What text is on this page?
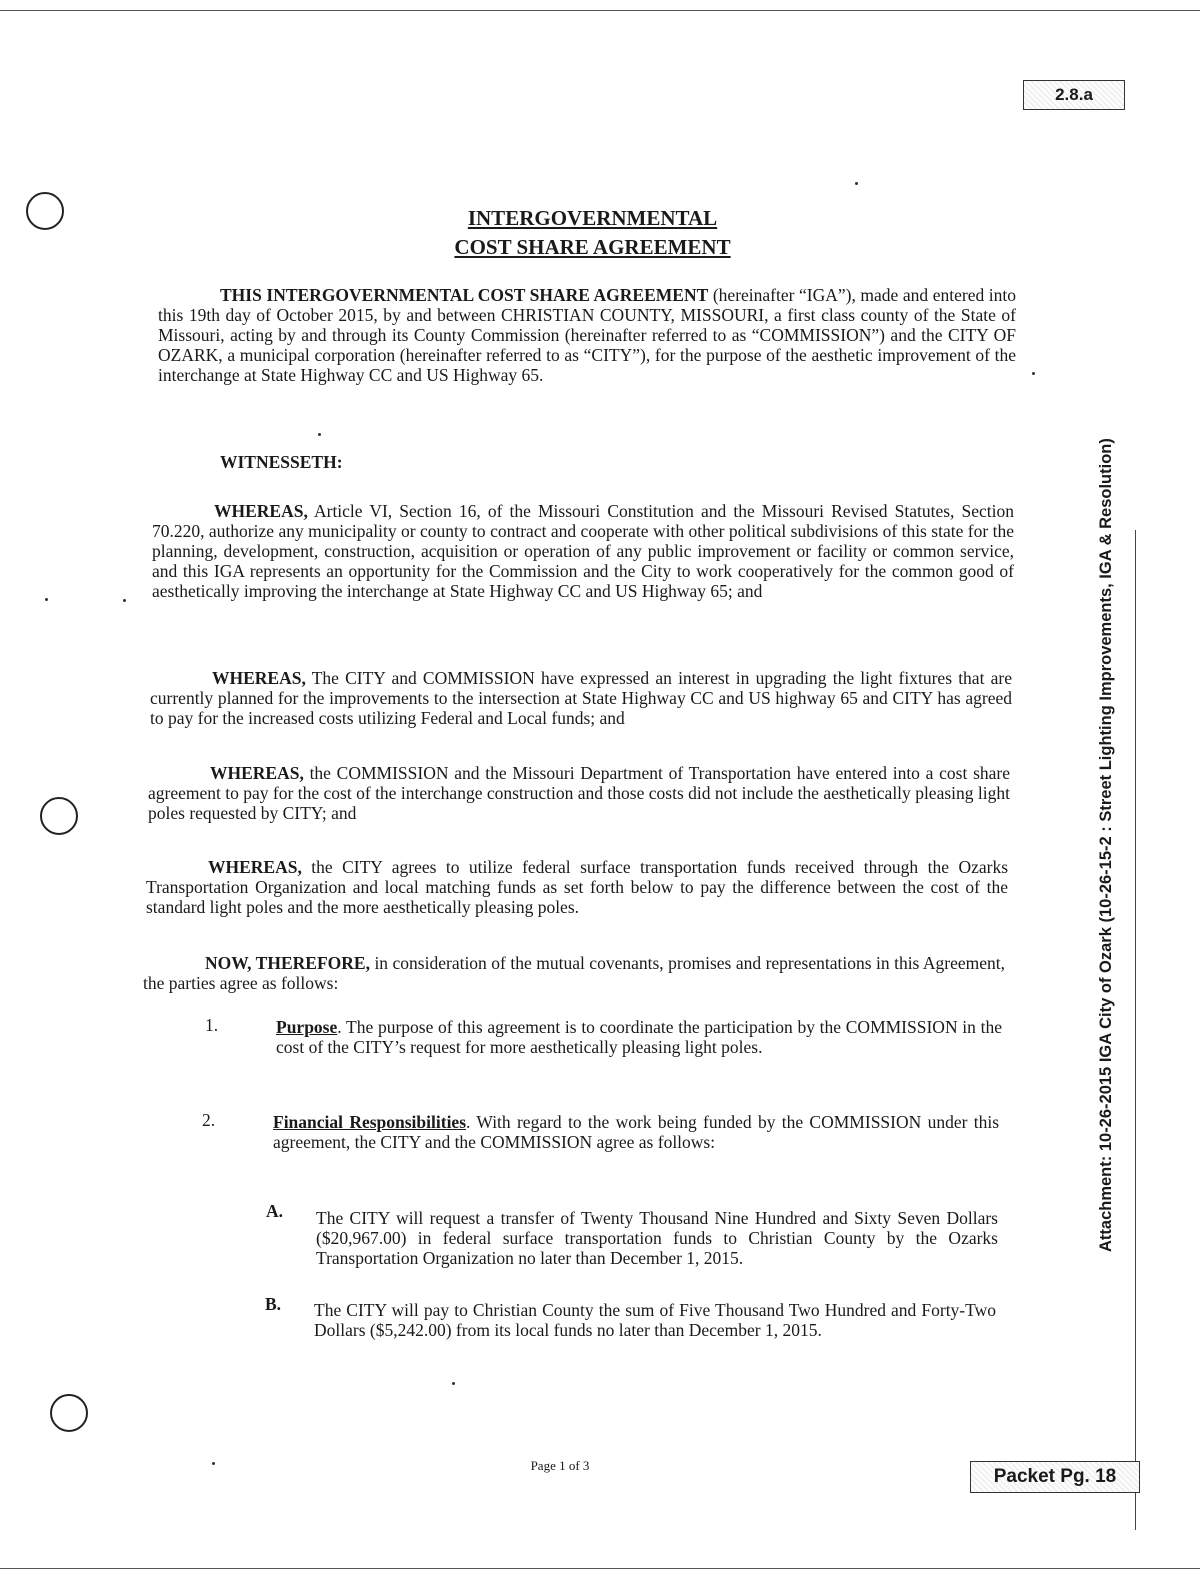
2.8.a
INTERGOVERNMENTAL
COST SHARE AGREEMENT
THIS INTERGOVERNMENTAL COST SHARE AGREEMENT (hereinafter “IGA”), made and entered into this 19th day of October 2015, by and between CHRISTIAN COUNTY, MISSOURI, a first class county of the State of Missouri, acting by and through its County Commission (hereinafter referred to as “COMMISSION”) and the CITY OF OZARK, a municipal corporation (hereinafter referred to as “CITY”), for the purpose of the aesthetic improvement of the interchange at State Highway CC and US Highway 65.
WITNESSETH:
WHEREAS, Article VI, Section 16, of the Missouri Constitution and the Missouri Revised Statutes, Section 70.220, authorize any municipality or county to contract and cooperate with other political subdivisions of this state for the planning, development, construction, acquisition or operation of any public improvement or facility or common service, and this IGA represents an opportunity for the Commission and the City to work cooperatively for the common good of aesthetically improving the interchange at State Highway CC and US Highway 65; and
WHEREAS, The CITY and COMMISSION have expressed an interest in upgrading the light fixtures that are currently planned for the improvements to the intersection at State Highway CC and US highway 65 and CITY has agreed to pay for the increased costs utilizing Federal and Local funds; and
WHEREAS, the COMMISSION and the Missouri Department of Transportation have entered into a cost share agreement to pay for the cost of the interchange construction and those costs did not include the aesthetically pleasing light poles requested by CITY; and
WHEREAS, the CITY agrees to utilize federal surface transportation funds received through the Ozarks Transportation Organization and local matching funds as set forth below to pay the difference between the cost of the standard light poles and the more aesthetically pleasing poles.
NOW, THEREFORE, in consideration of the mutual covenants, promises and representations in this Agreement, the parties agree as follows:
1.	Purpose. The purpose of this agreement is to coordinate the participation by the COMMISSION in the cost of the CITY’s request for more aesthetically pleasing light poles.
2.	Financial Responsibilities. With regard to the work being funded by the COMMISSION under this agreement, the CITY and the COMMISSION agree as follows:
A. The CITY will request a transfer of Twenty Thousand Nine Hundred and Sixty Seven Dollars ($20,967.00) in federal surface transportation funds to Christian County by the Ozarks Transportation Organization no later than December 1, 2015.
B. The CITY will pay to Christian County the sum of Five Thousand Two Hundred and Forty-Two Dollars ($5,242.00) from its local funds no later than December 1, 2015.
Attachment: 10-26-2015 IGA City of Ozark (10-26-15-2 : Street Lighting Improvements, IGA & Resolution)
Page 1 of 3
Packet Pg. 18
